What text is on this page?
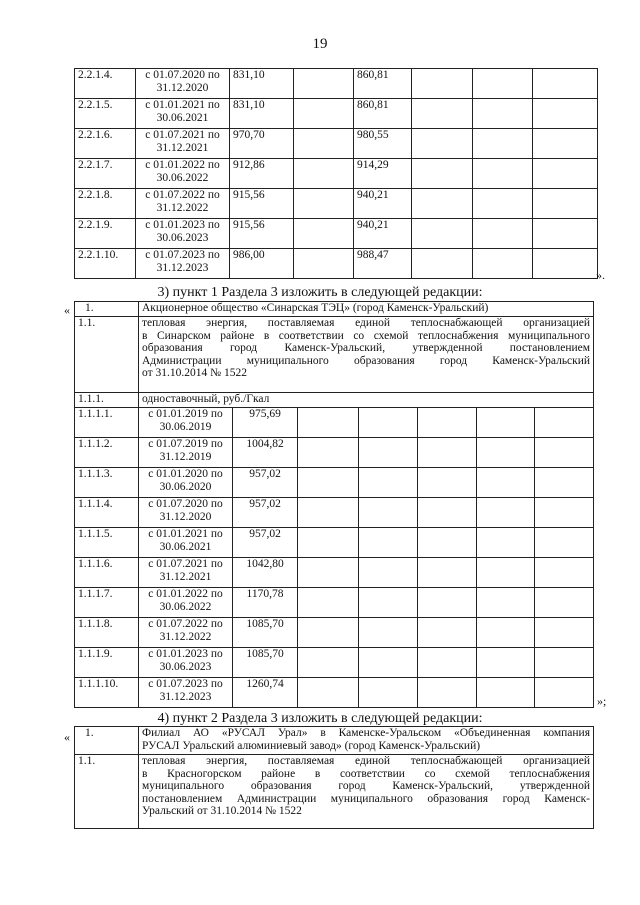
19
2.2.1.4.	с 01.07.2020 по
31.12.2020	831,10		860,81			
2.2.1.5.	с 01.01.2021 по
30.06.2021	831,10		860,81			
2.2.1.6.	с 01.07.2021 по
31.12.2021	970,70		980,55			
2.2.1.7.	с 01.01.2022 по
30.06.2022	912,86		914,29			
2.2.1.8.	с 01.07.2022 по
31.12.2022	915,56		940,21			
2.2.1.9.	с 01.01.2023 по
30.06.2023	915,56		940,21			
2.2.1.10.	с 01.07.2023 по
31.12.2023	986,00		988,47			
».
3) пункт 1 Раздела 3 изложить в следующей редакции:
« 1.	Акционерное общество «Синарская ТЭЦ» (город Каменск-Уральский)						
1.1.	тепловая энергия, поставляемая единой теплоснабжающей организацией
в Синарском районе в соответствии со схемой теплоснабжения муниципального
образования город Каменск-Уральский, утвержденной постановлением
Администрации муниципального образования город Каменск-Уральский
от 31.10.2014 № 1522						

1.1.1.	одноставочный, руб./Гкал						
1.1.1.1.	с 01.01.2019 по
30.06.2019	975,69					
1.1.1.2.	с 01.07.2019 по
31.12.2019	1004,82					
1.1.1.3.	с 01.01.2020 по
30.06.2020	957,02					
1.1.1.4.	с 01.07.2020 по
31.12.2020	957,02					
1.1.1.5.	с 01.01.2021 по
30.06.2021	957,02					
1.1.1.6.	с 01.07.2021 по
31.12.2021	1042,80					
1.1.1.7.	с 01.01.2022 по
30.06.2022	1170,78					
1.1.1.8.	с 01.07.2022 по
31.12.2022	1085,70					
1.1.1.9.	с 01.01.2023 по
30.06.2023	1085,70					
1.1.1.10.	с 01.07.2023 по
31.12.2023	1260,74					
»;
4) пункт 2 Раздела 3 изложить в следующей редакции:
« 1.	Филиал АО «РУСАЛ Урал» в Каменске-Уральском «Объединенная компания
РУСАЛ Уральский алюминиевый завод» (город Каменск-Уральский)

1.1.	тепловая энергия, поставляемая единой теплоснабжающей организацией
в Красногорском районе в соответствии со схемой теплоснабжения
муниципального образования город Каменск-Уральский, утвержденной
постановлением Администрации муниципального образования город Каменск-
Уральский от 31.10.2014 № 1522
